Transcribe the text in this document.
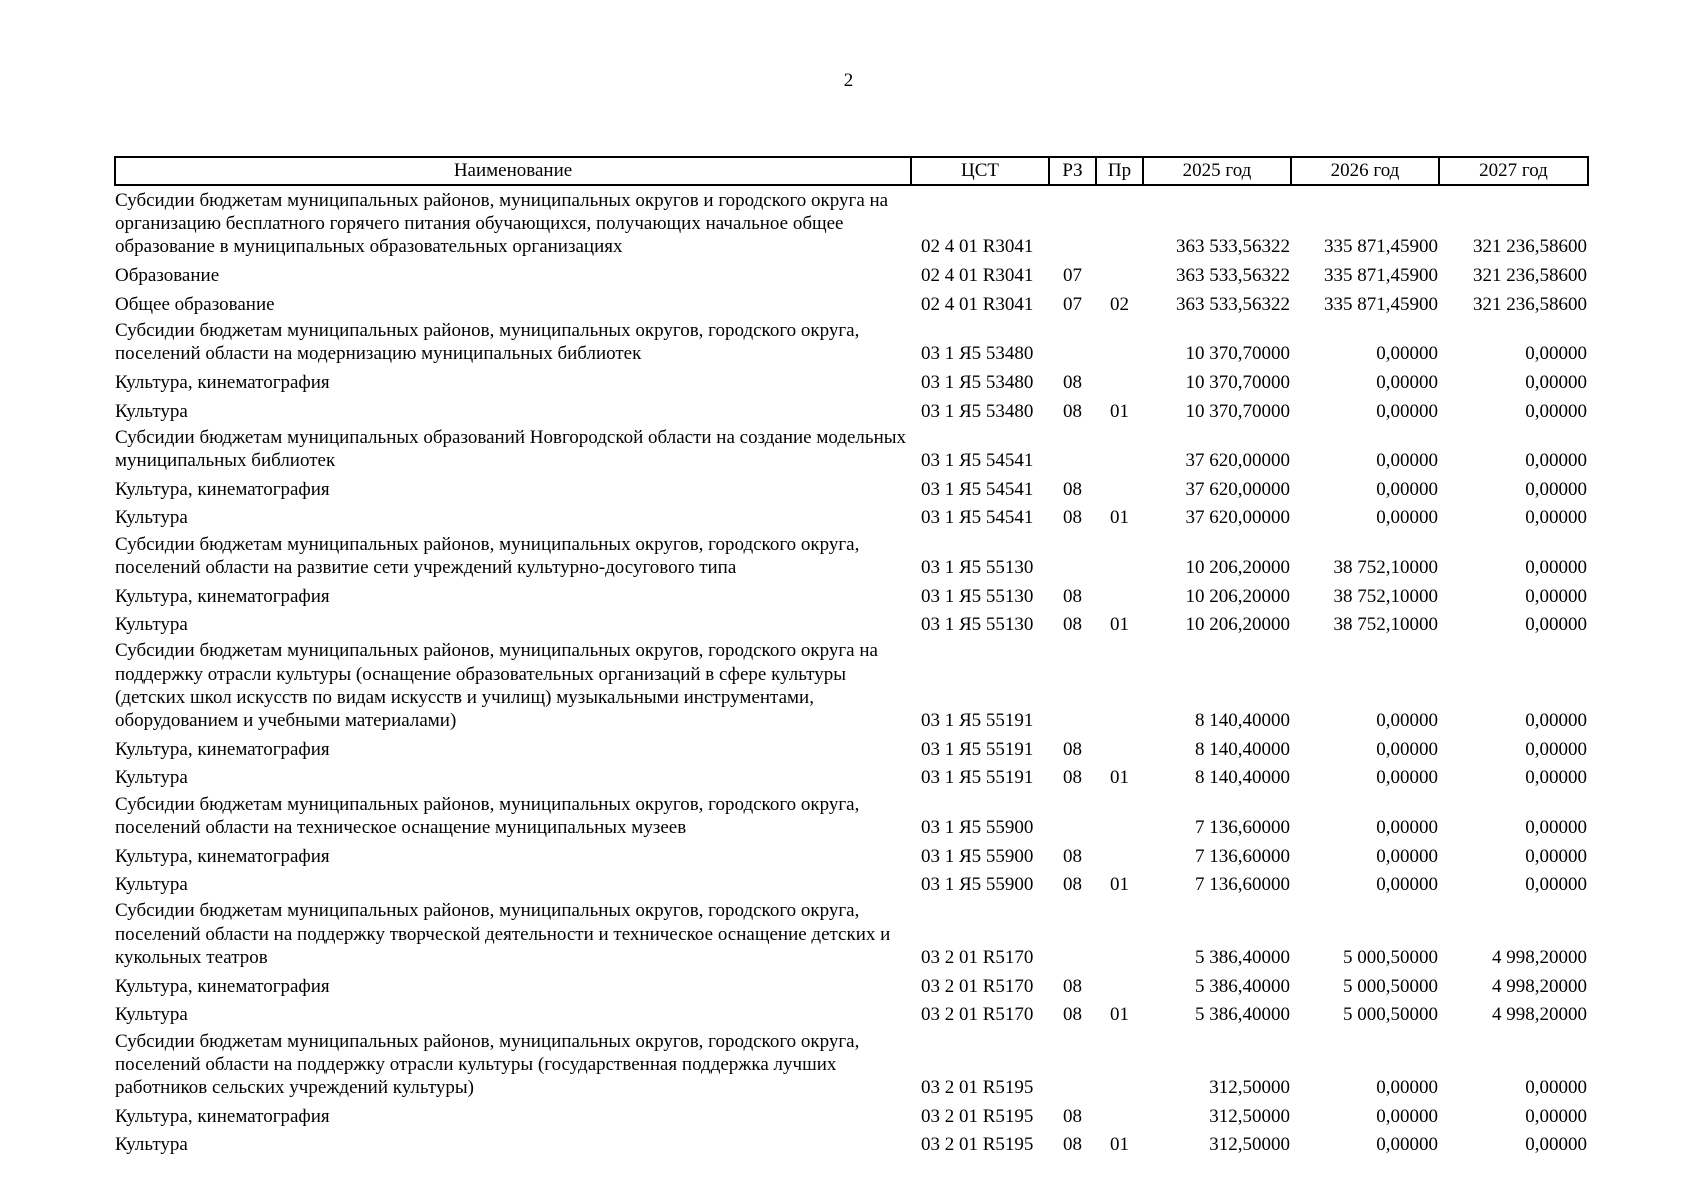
2
Наименование	ЦСТ	РЗ	Пр	2025 год	2026 год	2027 год
Субсидии бюджетам муниципальных районов, муниципальных округов и городского округа на организацию бесплатного горячего питания обучающихся, получающих начальное общее образование в муниципальных образовательных организациях	02 4 01 R3041			363 533,56322	335 871,45900	321 236,58600
Образование	02 4 01 R3041	07		363 533,56322	335 871,45900	321 236,58600
Общее образование	02 4 01 R3041	07	02	363 533,56322	335 871,45900	321 236,58600
Субсидии бюджетам муниципальных районов, муниципальных округов, городского округа, поселений области на модернизацию муниципальных библиотек	03 1 Я5 53480			10 370,70000	0,00000	0,00000
Культура, кинематография	03 1 Я5 53480	08		10 370,70000	0,00000	0,00000
Культура	03 1 Я5 53480	08	01	10 370,70000	0,00000	0,00000
Субсидии бюджетам муниципальных образований Новгородской области на создание модельных муниципальных библиотек	03 1 Я5 54541			37 620,00000	0,00000	0,00000
Культура, кинематография	03 1 Я5 54541	08		37 620,00000	0,00000	0,00000
Культура	03 1 Я5 54541	08	01	37 620,00000	0,00000	0,00000
Субсидии бюджетам муниципальных районов, муниципальных округов, городского округа, поселений области на развитие сети учреждений культурно-досугового типа	03 1 Я5 55130			10 206,20000	38 752,10000	0,00000
Культура, кинематография	03 1 Я5 55130	08		10 206,20000	38 752,10000	0,00000
Культура	03 1 Я5 55130	08	01	10 206,20000	38 752,10000	0,00000
Субсидии бюджетам муниципальных районов, муниципальных округов, городского округа на поддержку отрасли культуры (оснащение образовательных организаций в сфере культуры (детских школ искусств по видам искусств и училищ) музыкальными инструментами, оборудованием и учебными материалами)	03 1 Я5 55191			8 140,40000	0,00000	0,00000
Культура, кинематография	03 1 Я5 55191	08		8 140,40000	0,00000	0,00000
Культура	03 1 Я5 55191	08	01	8 140,40000	0,00000	0,00000
Субсидии бюджетам муниципальных районов, муниципальных округов, городского округа, поселений области на техническое оснащение муниципальных музеев	03 1 Я5 55900			7 136,60000	0,00000	0,00000
Культура, кинематография	03 1 Я5 55900	08		7 136,60000	0,00000	0,00000
Культура	03 1 Я5 55900	08	01	7 136,60000	0,00000	0,00000
Субсидии бюджетам муниципальных районов, муниципальных округов, городского округа, поселений области на поддержку творческой деятельности и техническое оснащение детских и кукольных театров	03 2 01 R5170			5 386,40000	5 000,50000	4 998,20000
Культура, кинематография	03 2 01 R5170	08		5 386,40000	5 000,50000	4 998,20000
Культура	03 2 01 R5170	08	01	5 386,40000	5 000,50000	4 998,20000
Субсидии бюджетам муниципальных районов, муниципальных округов, городского округа, поселений области на поддержку отрасли культуры (государственная поддержка лучших работников сельских учреждений культуры)	03 2 01 R5195			312,50000	0,00000	0,00000
Культура, кинематография	03 2 01 R5195	08		312,50000	0,00000	0,00000
Культура	03 2 01 R5195	08	01	312,50000	0,00000	0,00000
